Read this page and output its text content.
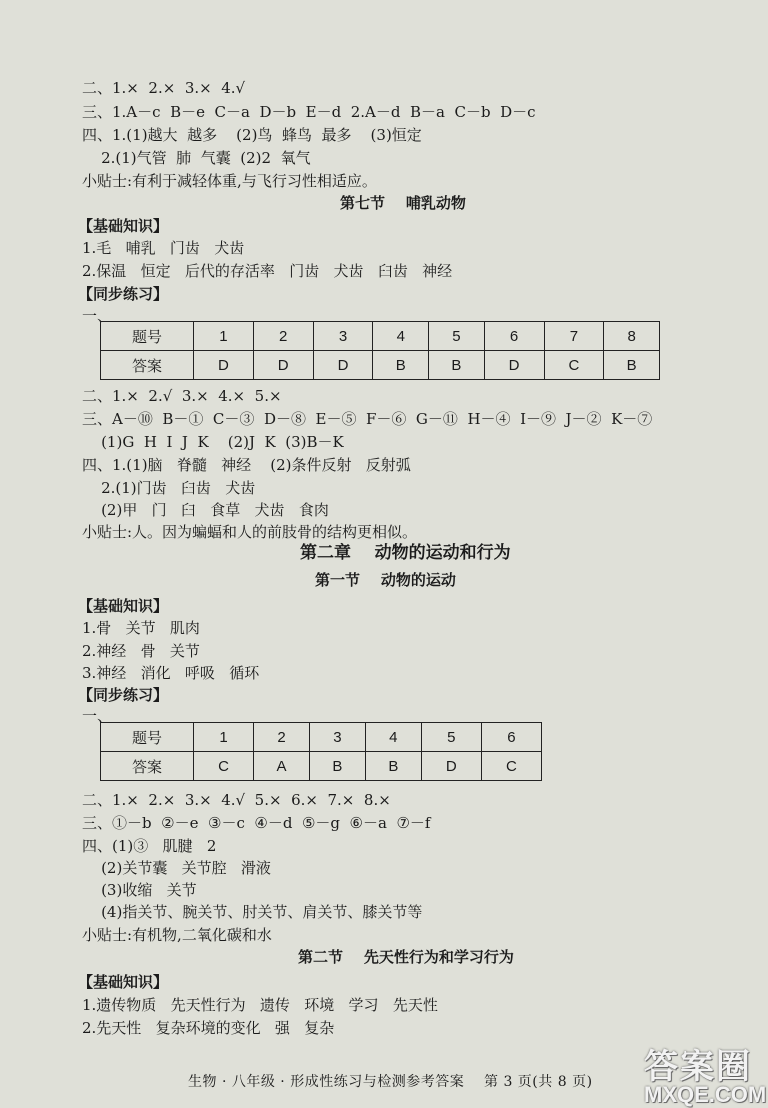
二、1.×  2.×  3.×  4.√
三、1.A－c  B－e  C－a  D－b  E－d  2.A－d  B－a  C－b  D－c
四、1.(1)越大  越多    (2)鸟  蜂鸟  最多    (3)恒定
2.(1)气管  肺  气囊  (2)2  氧气
小贴士:有利于减轻体重,与飞行习性相适应。
第七节    哺乳动物
【基础知识】
1.毛   哺乳   门齿   犬齿
2.保温   恒定   后代的存活率   门齿   犬齿   臼齿   神经
【同步练习】
一、
题号	1	2	3	4	5	6	7	8
答案	D	D	D	B	B	D	C	B
二、1.×  2.√  3.×  4.×  5.×
三、A－⑩  B－①  C－③  D－⑧  E－⑤  F－⑥  G－⑪  H－④  I－⑨  J－②  K－⑦
(1)G  H  I  J  K    (2)J  K  (3)B－K
四、1.(1)脑   脊髓   神经    (2)条件反射   反射弧
2.(1)门齿   臼齿   犬齿
(2)甲   门   臼   食草   犬齿   食肉
小贴士:人。因为蝙蝠和人的前肢骨的结构更相似。
第二章    动物的运动和行为
第一节    动物的运动
【基础知识】
1.骨   关节   肌肉
2.神经   骨   关节
3.神经   消化   呼吸   循环
【同步练习】
一、
题号	1	2	3	4	5	6
答案	C	A	B	B	D	C
二、1.×  2.×  3.×  4.√  5.×  6.×  7.×  8.×
三、①－b  ②－e  ③－c  ④－d  ⑤－g  ⑥－a  ⑦－f
四、(1)③   肌腱   2
(2)关节囊   关节腔   滑液
(3)收缩   关节
(4)指关节、腕关节、肘关节、肩关节、膝关节等
小贴士:有机物,二氧化碳和水
第二节    先天性行为和学习行为
【基础知识】
1.遗传物质   先天性行为   遗传   环境   学习   先天性
2.先天性   复杂环境的变化   强   复杂
生物 · 八年级 · 形成性练习与检测参考答案    第 3 页(共 8 页) 答案圈
MXQE.COM
